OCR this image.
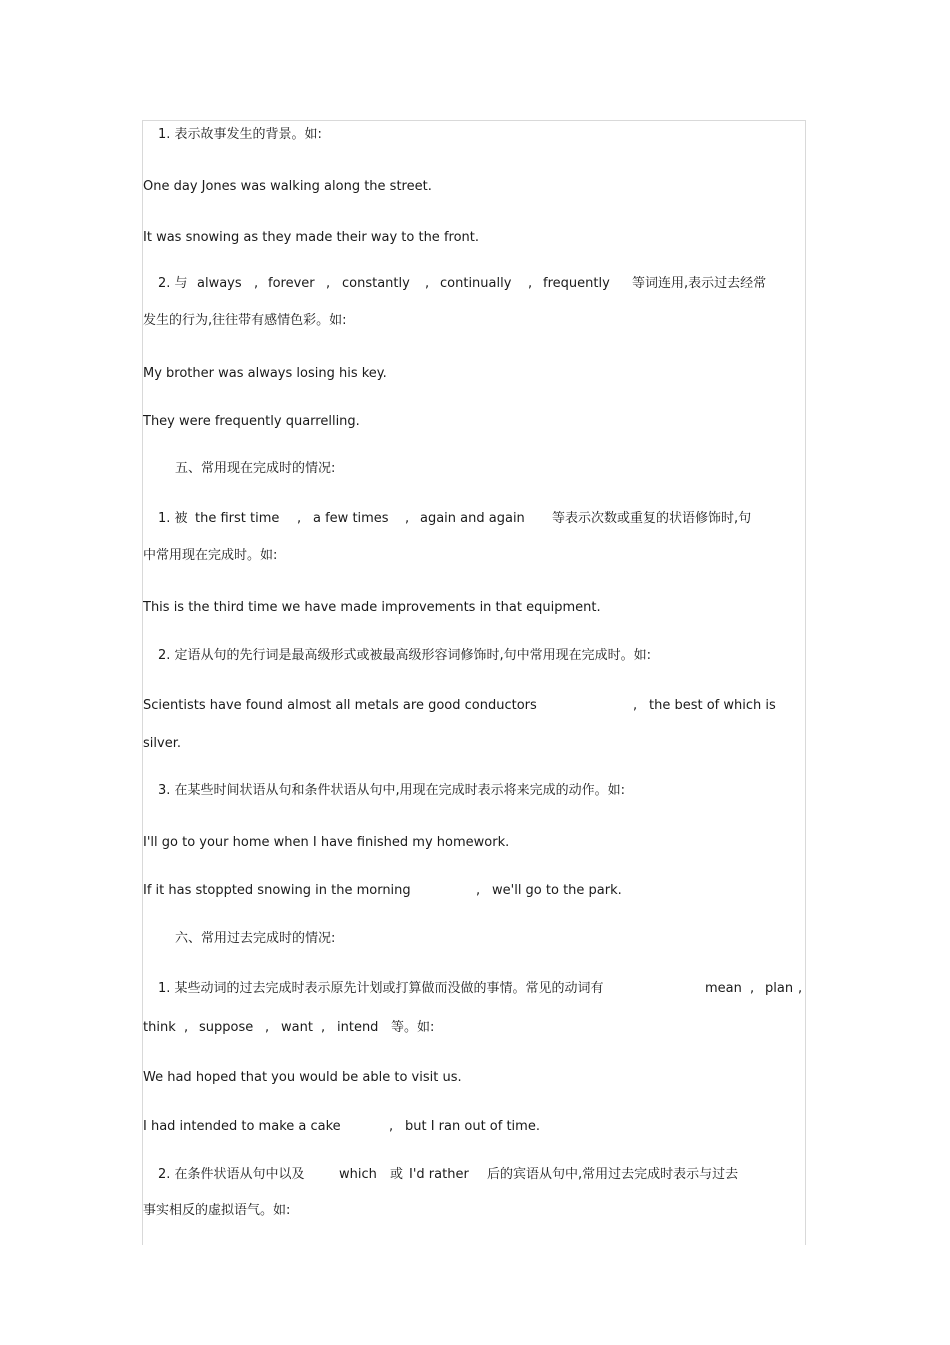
1. 表示故事发生的背景。如:
One day Jones was walking along the street.
It was snowing as they made their way to the front.
2. 与 always , forever , constantly , continually , frequently 等词连用,表示过去经常
发生的行为,往往带有感情色彩。如:
My brother was always losing his key.
They were frequently quarrelling.
五、常用现在完成时的情况:
1. 被 the first time , a few times , again and again 等表示次数或重复的状语修饰时,句
中常用现在完成时。如:
This is the third time we have made improvements in that equipment.
2. 定语从句的先行词是最高级形式或被最高级形容词修饰时,句中常用现在完成时。如:
Scientists have found almost all metals are good conductors	, the best of which is
silver.
3. 在某些时间状语从句和条件状语从句中,用现在完成时表示将来完成的动作。如:
I'll go to your home when I have finished my homework.
If it has stoppted snowing in the morning	, we'll go to the park.
六、常用过去完成时的情况:
1. 某些动词的过去完成时表示原先计划或打算做而没做的事情。常见的动词有	mean , plan ,
think , suppose , want , intend 等。如:
We had hoped that you would be able to visit us.
I had intended to make a cake	, but I ran out of time.
2. 在条件状语从句中以及	which 或 I'd rather 后的宾语从句中,常用过去完成时表示与过去
事实相反的虚拟语气。如:
